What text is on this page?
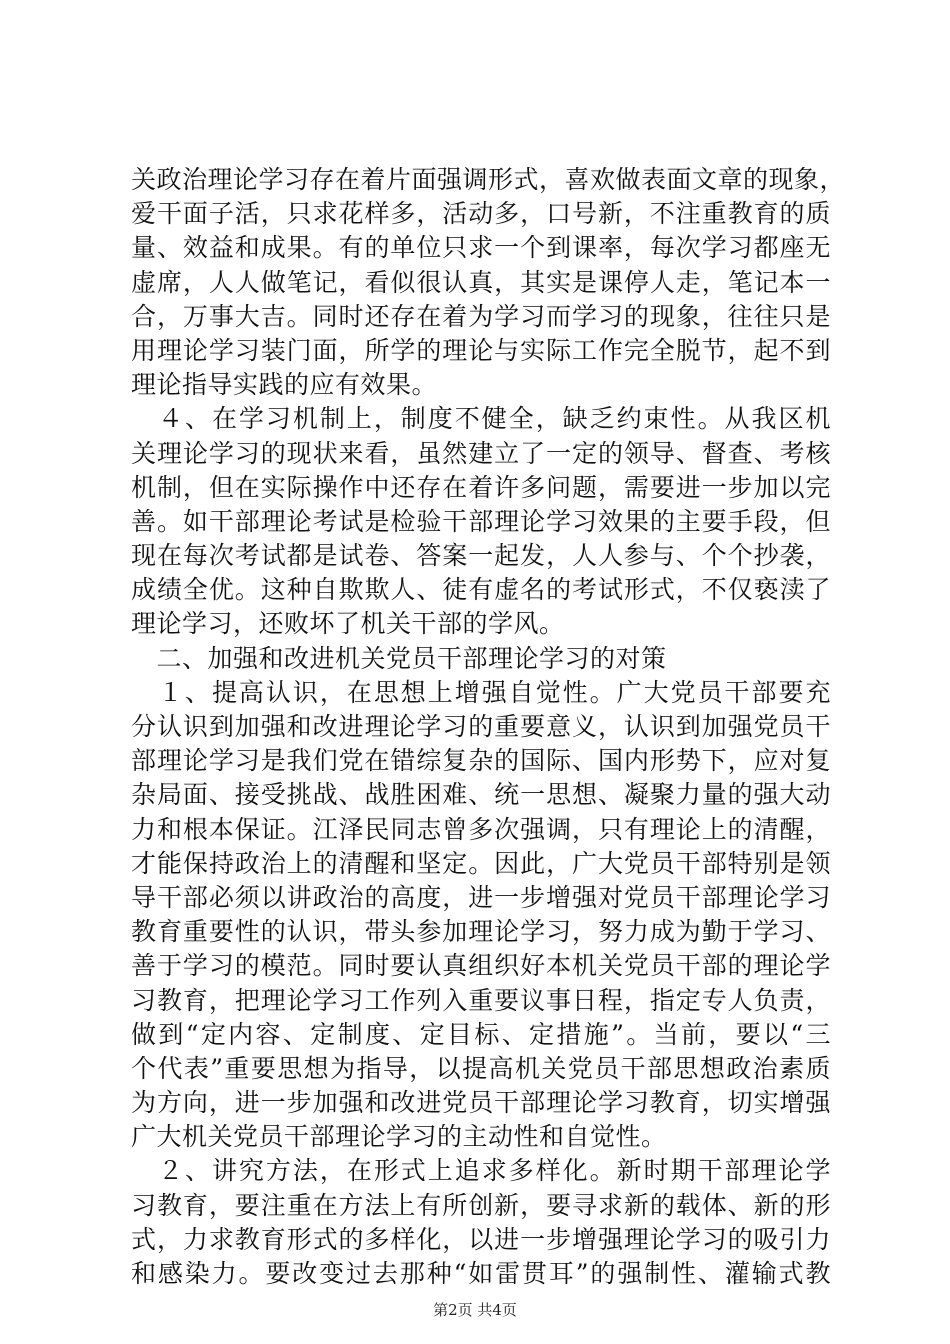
关政治理论学习存在着片面强调形式，喜欢做表面文章的现象，
爱干面子活，只求花样多，活动多，口号新，不注重教育的质
量、效益和成果。有的单位只求一个到课率，每次学习都座无
虚席，人人做笔记，看似很认真，其实是课停人走，笔记本一
合，万事大吉。同时还存在着为学习而学习的现象，往往只是
用理论学习装门面，所学的理论与实际工作完全脱节，起不到
理论指导实践的应有效果。
　４、在学习机制上，制度不健全，缺乏约束性。从我区机
关理论学习的现状来看，虽然建立了一定的领导、督查、考核
机制，但在实际操作中还存在着许多问题，需要进一步加以完
善。如干部理论考试是检验干部理论学习效果的主要手段，但
现在每次考试都是试卷、答案一起发，人人参与、个个抄袭，
成绩全优。这种自欺欺人、徒有虚名的考试形式，不仅亵渎了
理论学习，还败坏了机关干部的学风。
　二、加强和改进机关党员干部理论学习的对策
　１、提高认识，在思想上增强自觉性。广大党员干部要充
分认识到加强和改进理论学习的重要意义，认识到加强党员干
部理论学习是我们党在错综复杂的国际、国内形势下，应对复
杂局面、接受挑战、战胜困难、统一思想、凝聚力量的强大动
力和根本保证。江泽民同志曾多次强调，只有理论上的清醒，
才能保持政治上的清醒和坚定。因此，广大党员干部特别是领
导干部必须以讲政治的高度，进一步增强对党员干部理论学习
教育重要性的认识，带头参加理论学习，努力成为勤于学习、
善于学习的模范。同时要认真组织好本机关党员干部的理论学
习教育，把理论学习工作列入重要议事日程，指定专人负责，
做到“定内容、定制度、定目标、定措施”。当前，要以“三
个代表”重要思想为指导，以提高机关党员干部思想政治素质
为方向，进一步加强和改进党员干部理论学习教育，切实增强
广大机关党员干部理论学习的主动性和自觉性。
　２、讲究方法，在形式上追求多样化。新时期干部理论学
习教育，要注重在方法上有所创新，要寻求新的载体、新的形
式，力求教育形式的多样化，以进一步增强理论学习的吸引力
和感染力。要改变过去那种“如雷贯耳”的强制性、灌输式教
第2页 共4页
